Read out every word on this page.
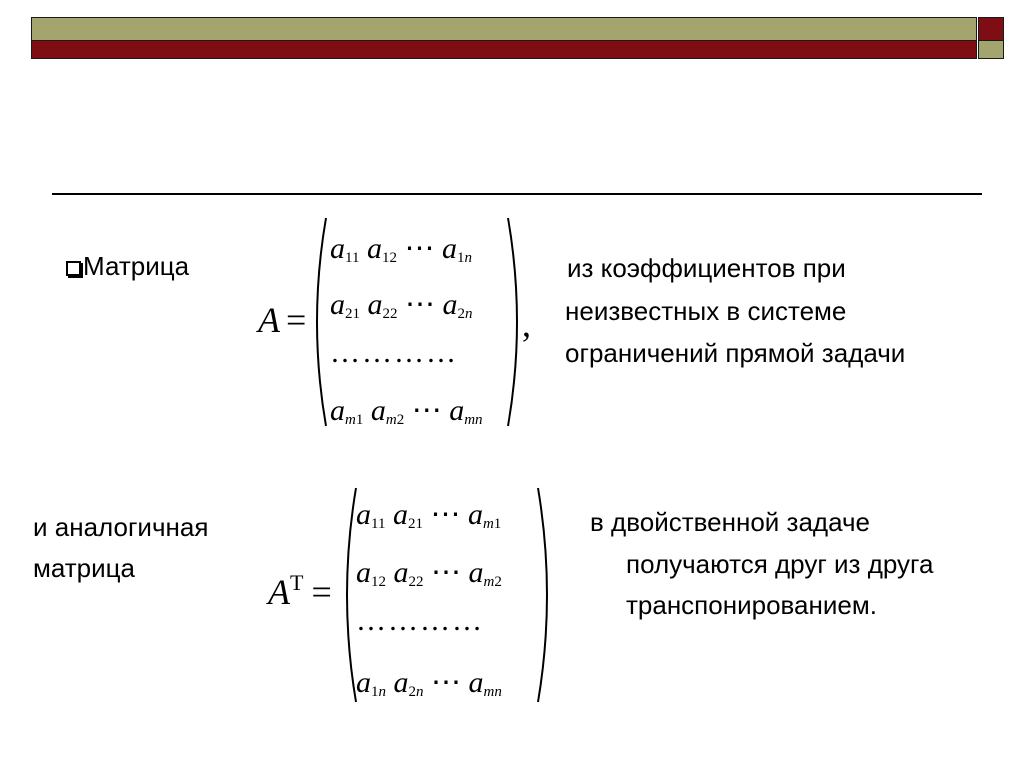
Матрица
A =
$a_{11}$ $a_{12}$ ⋯ $a_{1n}$
$a_{21}$ $a_{22}$ ⋯ $a_{2n}$
…………
$a_{m1}$ $a_{m2}$ ⋯ $a_{mn}$
,
из коэффициентов при
неизвестных в системе
ограничений прямой задачи
и аналогичная
матрица
$A^T$ =
$a_{11}$ $a_{21}$ ⋯ $a_{m1}$
$a_{12}$ $a_{22}$ ⋯ $a_{m2}$
…………
$a_{1n}$ $a_{2n}$ ⋯ $a_{mn}$
в двойственной задаче
получаются друг из друга
транспонированием.
